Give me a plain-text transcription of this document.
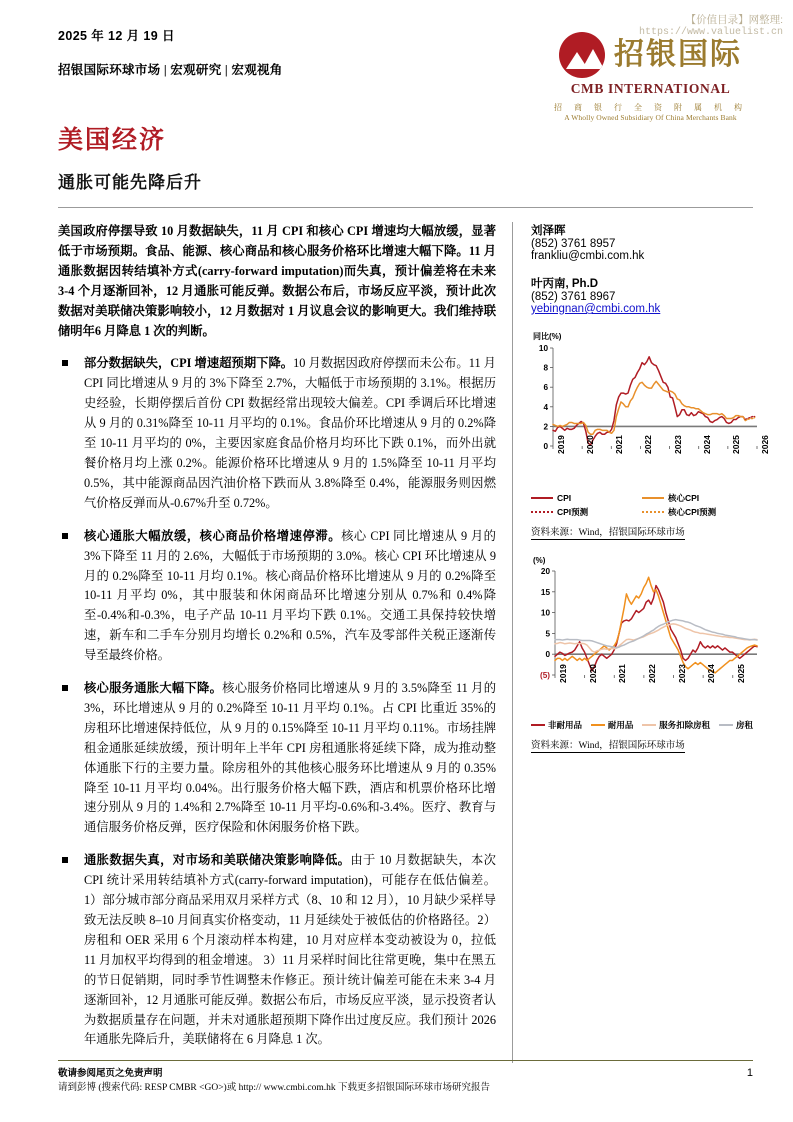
2025 年 12 月 19 日
招银国际环球市场 | 宏观研究 | 宏观视角
【价值目录】网整理:
https://www.valuelist.cn
招银国际
CMB INTERNATIONAL
招 商 银 行 全 资 附 属 机 构
A Wholly Owned Subsidiary Of China Merchants Bank
美国经济
通胀可能先降后升

美国政府停摆导致 10 月数据缺失，11 月 CPI 和核心 CPI 增速均大幅放缓，显著低于市场预期。食品、能源、核心商品和核心服务价格环比增速大幅下降。11 月通胀数据因转结填补方式(carry-forward imputation)而失真，预计偏差将在未来3-4 个月逐渐回补，12 月通胀可能反弹。数据公布后，市场反应平淡，预计此次数据对美联储决策影响较小，12 月数据对 1 月议息会议的影响更大。我们维持联储明年6 月降息 1 次的判断。

部分数据缺失，CPI 增速超预期下降。10 月数据因政府停摆而未公布。11 月 CPI 同比增速从 9 月的 3%下降至 2.7%，大幅低于市场预期的 3.1%。根据历史经验，长期停摆后首份 CPI 数据经常出现较大偏差。CPI 季调后环比增速从 9 月的 0.31%降至 10-11 月平均的 0.1%。食品价环比增速从 9 月的 0.2%降至 10-11 月平均的 0%，主要因家庭食品价格月均环比下跌 0.1%，而外出就餐价格月均上涨 0.2%。能源价格环比增速从 9 月的 1.5%降至 10-11 月平均 0.5%，其中能源商品因汽油价格下跌而从 3.8%降至 0.4%，能源服务则因燃气价格反弹而从-0.67%升至 0.72%。
核心通胀大幅放缓，核心商品价格增速停滞。核心 CPI 同比增速从 9 月的 3%下降至 11 月的 2.6%，大幅低于市场预期的 3.0%。核心 CPI 环比增速从 9 月的 0.2%降至 10-11 月均 0.1%。核心商品价格环比增速从 9 月的 0.2%降至 10-11 月平均 0%，其中服装和休闲商品环比增速分别从 0.7%和 0.4%降至-0.4%和-0.3%，电子产品 10-11 月平均下跌 0.1%。交通工具保持较快增速，新车和二手车分别月均增长 0.2%和 0.5%，汽车及零部件关税正逐渐传导至最终价格。
核心服务通胀大幅下降。核心服务价格同比增速从 9 月的 3.5%降至 11 月的 3%，环比增速从 9 月的 0.2%降至 10-11 月平均 0.1%。占 CPI 比重近 35%的房租环比增速保持低位，从 9 月的 0.15%降至 10-11 月平均 0.11%。市场挂牌租金通胀延续放缓，预计明年上半年 CPI 房租通胀将延续下降，成为推动整体通胀下行的主要力量。除房租外的其他核心服务环比增速从 9 月的 0.35%降至 10-11 月平均 0.04%。出行服务价格大幅下跌，酒店和机票价格环比增速分别从 9 月的 1.4%和 2.7%降至 10-11 月平均-0.6%和-3.4%。医疗、教育与通信服务价格反弹，医疗保险和休闲服务价格下跌。
通胀数据失真，对市场和美联储决策影响降低。由于 10 月数据缺失，本次 CPI 统计采用转结填补方式(carry-forward imputation)，可能存在低估偏差。1）部分城市部分商品采用双月采样方式（8、10 和 12 月），10 月缺少采样导致无法反映 8–10 月间真实价格变动，11 月延续处于被低估的价格路径。2）房租和 OER 采用 6 个月滚动样本构建，10 月对应样本变动被设为 0，拉低 11 月加权平均得到的租金增速。 3）11 月采样时间比往常更晚，集中在黑五的节日促销期，同时季节性调整未作修正。预计统计偏差可能在未来 3-4 月逐渐回补，12 月通胀可能反弹。数据公布后，市场反应平淡，显示投资者认为数据质量存在问题，并未对通胀超预期下降作出过度反应。我们预计 2026 年通胀先降后升，美联储将在 6 月降息 1 次。
刘泽晖
(852) 3761 8957
frankliu@cmbi.com.hk
叶丙南, Ph.D
(852) 3761 8967
yebingnan@cmbi.com.hk
同比(%)
0
2
4
6
8
10
2019 2020 2021 2022 2023 2024 2025 2026
CPI	核心CPI
CPI预测	核心CPI预测
资料来源：Wind，招银国际环球市场
(%)
(5)
0
5
10
15
20
2019 2020 2021 2022 2023 2024 2025
非耐用品	耐用品	服务扣除房租	房租
资料来源：Wind，招银国际环球市场
敬请参阅尾页之免责声明
请到彭博 (搜索代码: RESP CMBR <GO>)或 http:// www.cmbi.com.hk 下载更多招银国际环球市场研究报告
1
